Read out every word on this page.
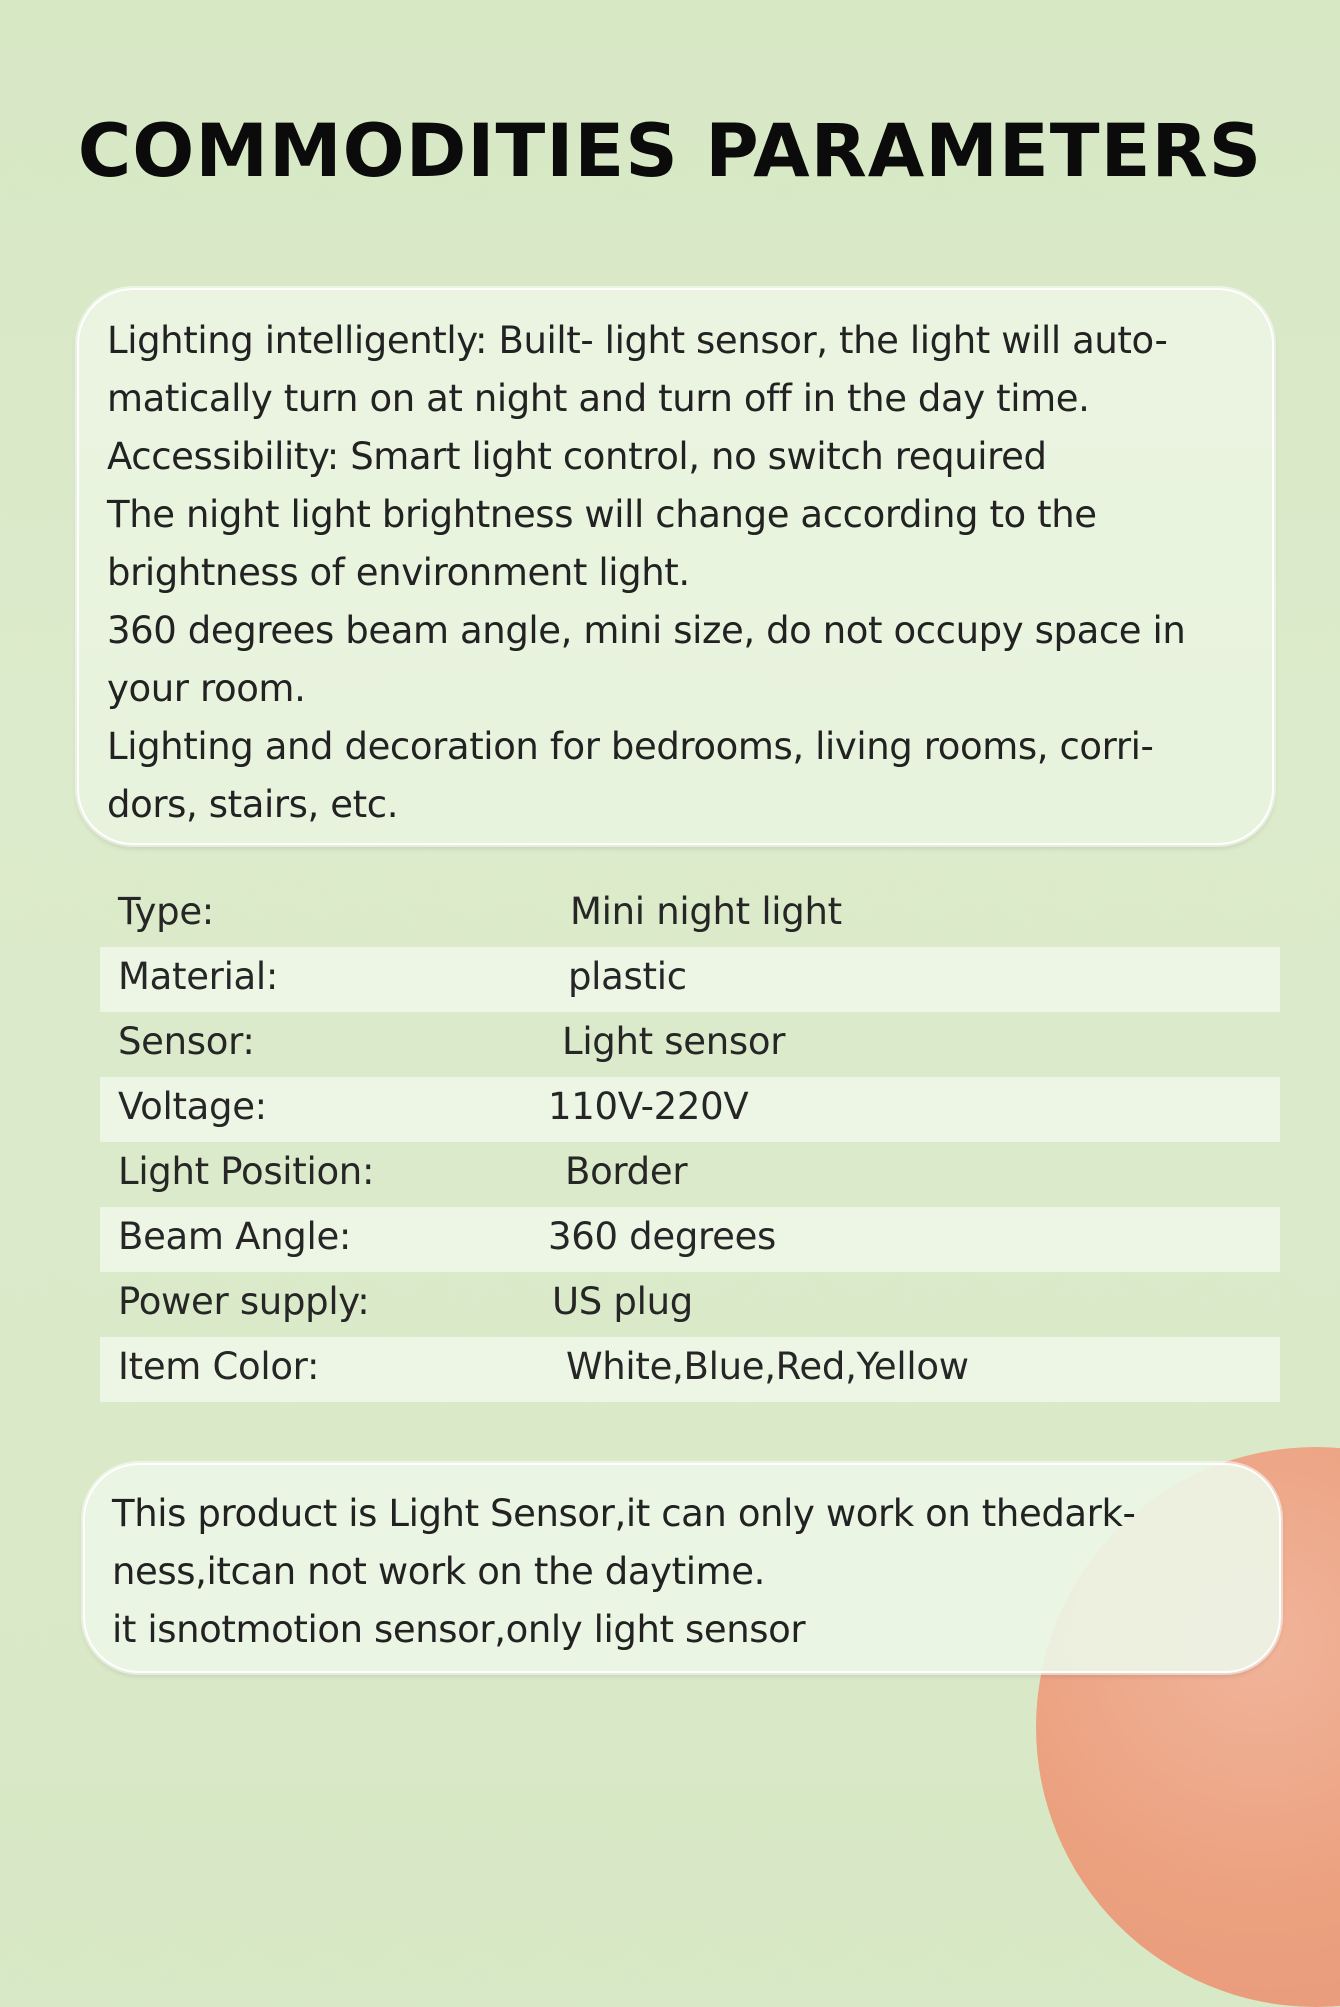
COMMODITIES PARAMETERS
Lighting intelligently: Built- light sensor, the light will auto-
matically turn on at night and turn off in the day time.
Accessibility: Smart light control, no switch required
The night light brightness will change according to the
brightness of environment light.
360 degrees beam angle, mini size, do not occupy space in
your room.
Lighting and decoration for bedrooms, living rooms, corri-
dors, stairs, etc.
Type:	Mini night light
Material:	plastic
Sensor:	Light sensor
Voltage:	110V-220V
Light Position:	Border
Beam Angle:	360 degrees
Power supply:	US plug
Item Color:	White,Blue,Red,Yellow
This product is Light Sensor,it can only work on thedark-
ness,itcan not work on the daytime.
it isnotmotion sensor,only light sensor
